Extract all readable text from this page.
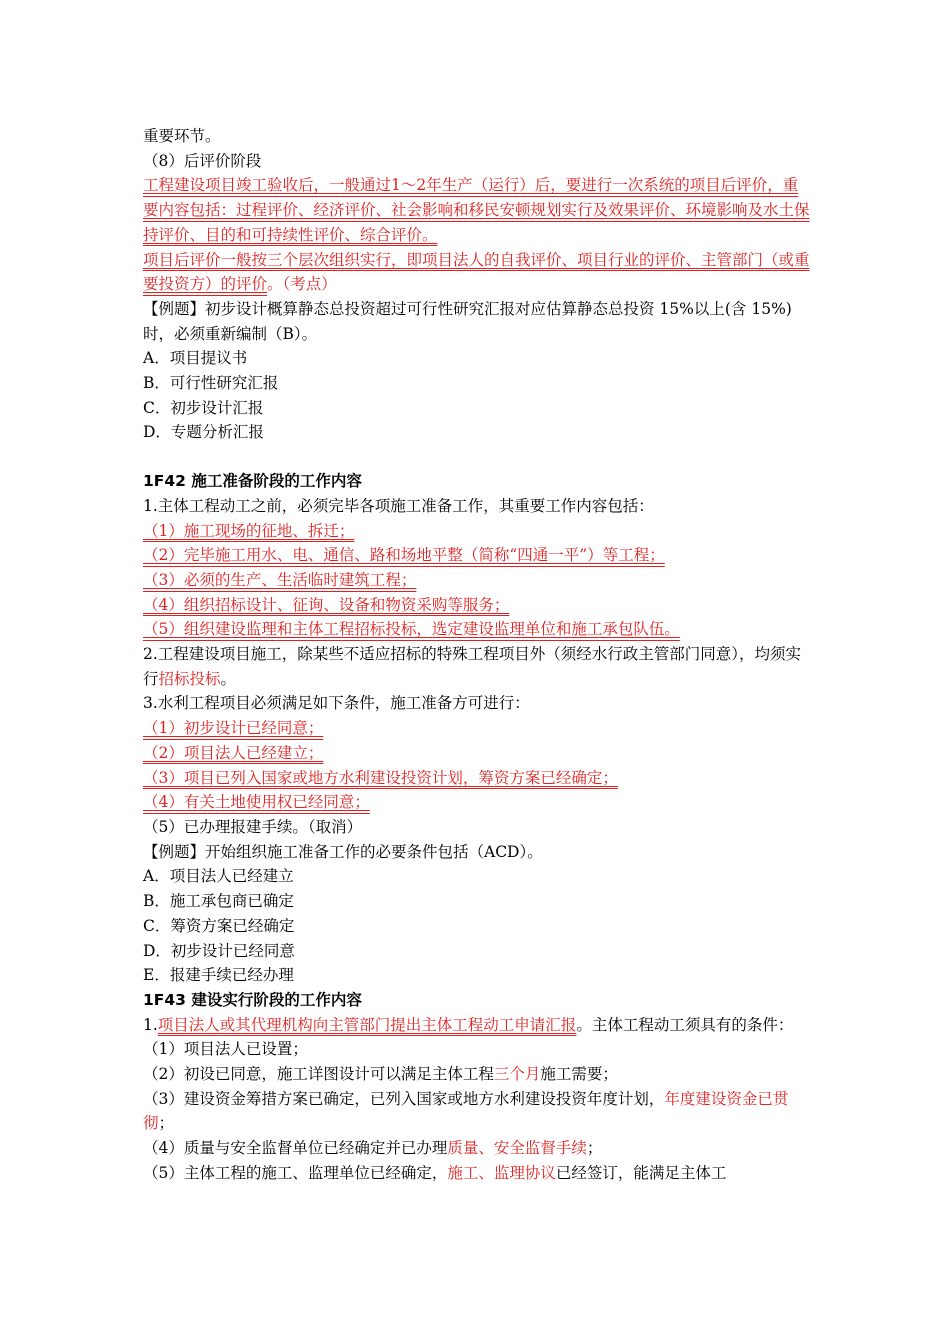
重要环节。

（8）后评价阶段

工程建设项目竣工验收后，一般通过1～2年生产（运行）后，要进行一次系统的项目后评价，重要内容包括：过程评价、经济评价、社会影响和移民安顿规划实行及效果评价、环境影响及水土保持评价、目的和可持续性评价、综合评价。

项目后评价一般按三个层次组织实行，即项目法人的自我评价、项目行业的评价、主管部门（或重要投资方）的评价。（考点）

【例题】初步设计概算静态总投资超过可行性研究汇报对应估算静态总投资 15%以上(含 15%)时，必须重新编制（B）。

A．项目提议书

B．可行性研究汇报

C．初步设计汇报

D．专题分析汇报

1F42 施工准备阶段的工作内容

1.主体工程动工之前，必须完毕各项施工准备工作，其重要工作内容包括：

（1）施工现场的征地、拆迁；

（2）完毕施工用水、电、通信、路和场地平整（简称“四通一平”）等工程；

（3）必须的生产、生活临时建筑工程；

（4）组织招标设计、征询、设备和物资采购等服务；

（5）组织建设监理和主体工程招标投标，选定建设监理单位和施工承包队伍。

2.工程建设项目施工，除某些不适应招标的特殊工程项目外（须经水行政主管部门同意），均须实行招标投标。

3.水利工程项目必须满足如下条件，施工准备方可进行：

（1）初步设计已经同意；

（2）项目法人已经建立；

（3）项目已列入国家或地方水利建设投资计划，筹资方案已经确定；

（4）有关土地使用权已经同意；

（5）已办理报建手续。（取消）

【例题】开始组织施工准备工作的必要条件包括（ACD）。

A．项目法人已经建立

B．施工承包商已确定

C．筹资方案已经确定

D．初步设计已经同意

E．报建手续已经办理

1F43 建设实行阶段的工作内容

1.项目法人或其代理机构向主管部门提出主体工程动工申请汇报。主体工程动工须具有的条件：

（1）项目法人已设置；

（2）初设已同意，施工详图设计可以满足主体工程三个月施工需要；

（3）建设资金筹措方案已确定，已列入国家或地方水利建设投资年度计划，年度建设资金已贯彻；

（4）质量与安全监督单位已经确定并已办理质量、安全监督手续；

（5）主体工程的施工、监理单位已经确定，施工、监理协议已经签订，能满足主体工
